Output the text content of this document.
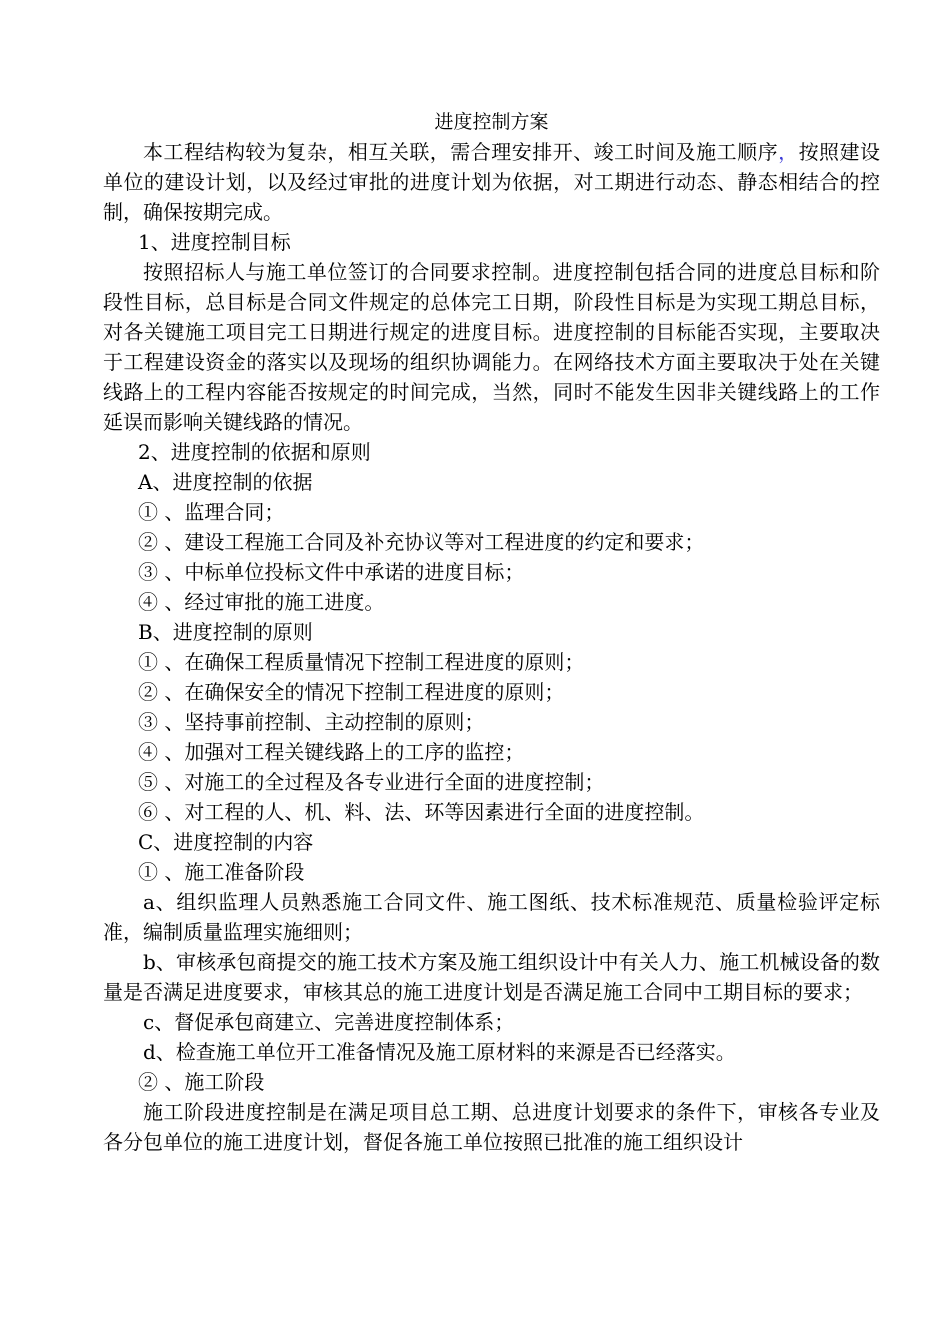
进度控制方案

本工程结构较为复杂，相互关联，需合理安排开、竣工时间及施工顺序，按照建设单位的建设计划，以及经过审批的进度计划为依据，对工期进行动态、静态相结合的控制，确保按期完成。

1、进度控制目标

按照招标人与施工单位签订的合同要求控制。进度控制包括合同的进度总目标和阶段性目标，总目标是合同文件规定的总体完工日期，阶段性目标是为实现工期总目标，对各关键施工项目完工日期进行规定的进度目标。进度控制的目标能否实现，主要取决于工程建设资金的落实以及现场的组织协调能力。在网络技术方面主要取决于处在关键线路上的工程内容能否按规定的时间完成，当然，同时不能发生因非关键线路上的工作延误而影响关键线路的情况。

2、进度控制的依据和原则

A、进度控制的依据

① 、监理合同；

② 、建设工程施工合同及补充协议等对工程进度的约定和要求；

③ 、中标单位投标文件中承诺的进度目标；

④ 、经过审批的施工进度。

B、进度控制的原则

① 、在确保工程质量情况下控制工程进度的原则；

② 、在确保安全的情况下控制工程进度的原则；

③ 、坚持事前控制、主动控制的原则；

④ 、加强对工程关键线路上的工序的监控；

⑤ 、对施工的全过程及各专业进行全面的进度控制；

⑥ 、对工程的人、机、料、法、环等因素进行全面的进度控制。

C、进度控制的内容

① 、施工准备阶段

a、组织监理人员熟悉施工合同文件、施工图纸、技术标准规范、质量检验评定标准，编制质量监理实施细则；

b、审核承包商提交的施工技术方案及施工组织设计中有关人力、施工机械设备的数量是否满足进度要求，审核其总的施工进度计划是否满足施工合同中工期目标的要求；

c、督促承包商建立、完善进度控制体系；

d、检查施工单位开工准备情况及施工原材料的来源是否已经落实。

② 、施工阶段

施工阶段进度控制是在满足项目总工期、总进度计划要求的条件下，审核各专业及各分包单位的施工进度计划，督促各施工单位按照已批准的施工组织设计
